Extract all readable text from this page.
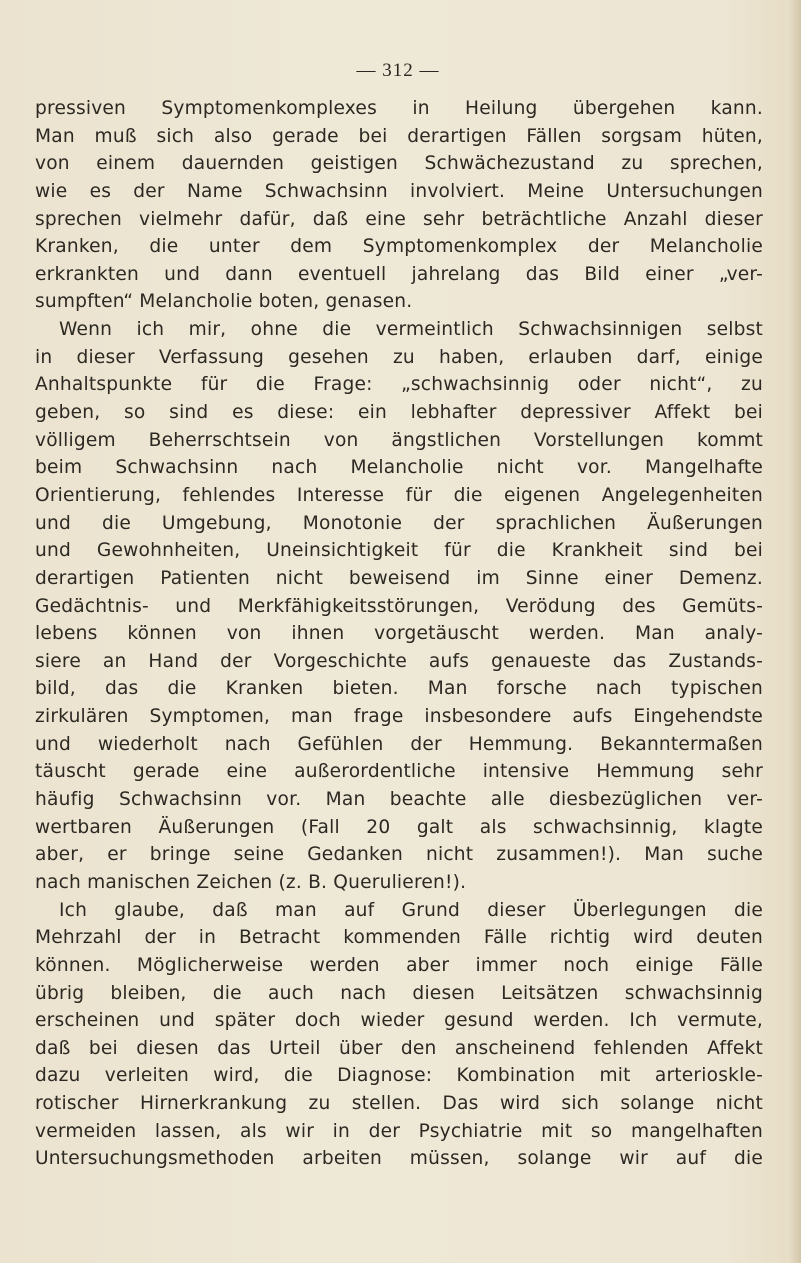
— 312 —
pressiven Symptomenkomplexes in Heilung übergehen kann.
Man muß sich also gerade bei derartigen Fällen sorgsam hüten,
von einem dauernden geistigen Schwächezustand zu sprechen,
wie es der Name Schwachsinn involviert. Meine Untersuchungen
sprechen vielmehr dafür, daß eine sehr beträchtliche Anzahl dieser
Kranken, die unter dem Symptomenkomplex der Melancholie
erkrankten und dann eventuell jahrelang das Bild einer „ver-
sumpften“ Melancholie boten, genasen.
Wenn ich mir, ohne die vermeintlich Schwachsinnigen selbst
in dieser Verfassung gesehen zu haben, erlauben darf, einige
Anhaltspunkte für die Frage: „schwachsinnig oder nicht“, zu
geben, so sind es diese: ein lebhafter depressiver Affekt bei
völligem Beherrschtsein von ängstlichen Vorstellungen kommt
beim Schwachsinn nach Melancholie nicht vor. Mangelhafte
Orientierung, fehlendes Interesse für die eigenen Angelegenheiten
und die Umgebung, Monotonie der sprachlichen Äußerungen
und Gewohnheiten, Uneinsichtigkeit für die Krankheit sind bei
derartigen Patienten nicht beweisend im Sinne einer Demenz.
Gedächtnis- und Merkfähigkeitsstörungen, Verödung des Gemüts-
lebens können von ihnen vorgetäuscht werden. Man analy-
siere an Hand der Vorgeschichte aufs genaueste das Zustands-
bild, das die Kranken bieten. Man forsche nach typischen
zirkulären Symptomen, man frage insbesondere aufs Eingehendste
und wiederholt nach Gefühlen der Hemmung. Bekanntermaßen
täuscht gerade eine außerordentliche intensive Hemmung sehr
häufig Schwachsinn vor. Man beachte alle diesbezüglichen ver-
wertbaren Äußerungen (Fall 20 galt als schwachsinnig, klagte
aber, er bringe seine Gedanken nicht zusammen!). Man suche
nach manischen Zeichen (z. B. Querulieren!).
Ich glaube, daß man auf Grund dieser Überlegungen die
Mehrzahl der in Betracht kommenden Fälle richtig wird deuten
können. Möglicherweise werden aber immer noch einige Fälle
übrig bleiben, die auch nach diesen Leitsätzen schwachsinnig
erscheinen und später doch wieder gesund werden. Ich vermute,
daß bei diesen das Urteil über den anscheinend fehlenden Affekt
dazu verleiten wird, die Diagnose: Kombination mit arterioskle-
rotischer Hirnerkrankung zu stellen. Das wird sich solange nicht
vermeiden lassen, als wir in der Psychiatrie mit so mangelhaften
Untersuchungsmethoden arbeiten müssen, solange wir auf die
